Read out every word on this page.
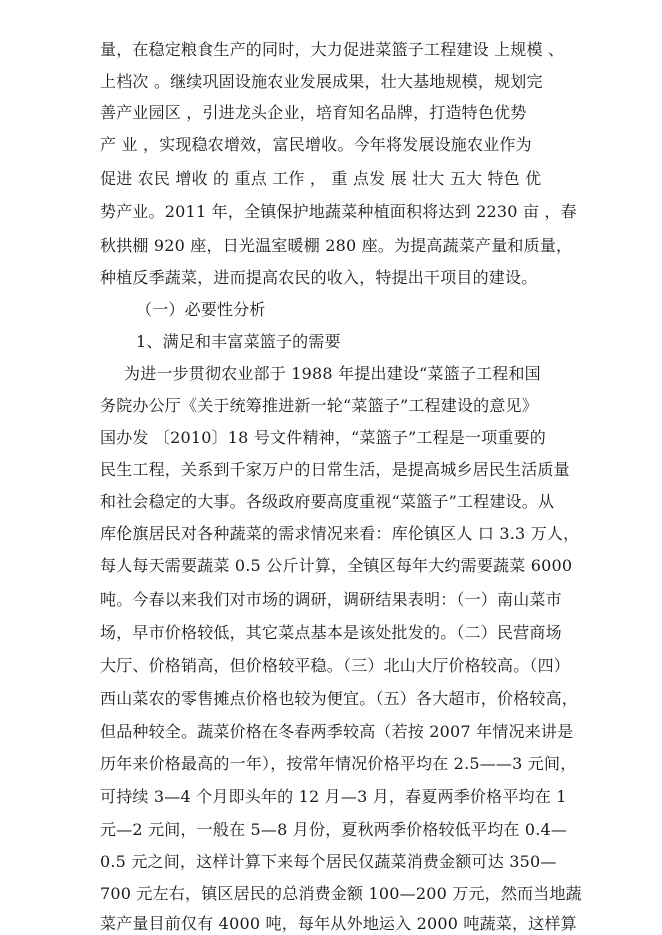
量，在稳定粮食生产的同时，大力促进菜篮子工程建设 上规模 、
上档次 。继续巩固设施农业发展成果，壮大基地规模，规划完
善产业园区 ，引进龙头企业，培育知名品牌，打造特色优势
产 业 ，实现稳农增效，富民增收。今年将发展设施农业作为
促进 农民 增收 的 重点 工作 ， 重 点发 展 壮大 五大 特色 优
势产业。2011 年，全镇保护地蔬菜种植面积将达到 2230 亩 ，春
秋拱棚 920 座，日光温室暖棚 280 座。为提高蔬菜产量和质量，
种植反季蔬菜，进而提高农民的收入，特提出干项目的建设。
（一）必要性分析
1、满足和丰富菜篮子的需要
为进一步贯彻农业部于 1988 年提出建设“菜篮子工程和国
务院办公厅《关于统筹推进新一轮“菜篮子”工程建设的意见》
国办发 〔2010〕18 号文件精神，“菜篮子”工程是一项重要的
民生工程，关系到千家万户的日常生活，是提高城乡居民生活质量
和社会稳定的大事。各级政府要高度重视“菜篮子”工程建设。从
库伦旗居民对各种蔬菜的需求情况来看：库伦镇区人 口 3.3 万人，
每人每天需要蔬菜 0.5 公斤计算，全镇区每年大约需要蔬菜 6000
吨。今春以来我们对市场的调研，调研结果表明：（一）南山菜市
场，早市价格较低，其它菜点基本是该处批发的。（二）民营商场
大厅、价格销高，但价格较平稳。（三）北山大厅价格较高。（四）
西山菜农的零售摊点价格也较为便宜。（五）各大超市，价格较高，
但品种较全。蔬菜价格在冬春两季较高（若按 2007 年情况来讲是
历年来价格最高的一年），按常年情况价格平均在 2.5——3 元间，
可持续 3—4 个月即头年的 12 月—3 月，春夏两季价格平均在 1
元—2 元间，一般在 5—8 月份，夏秋两季价格较低平均在 0.4—
0.5 元之间，这样计算下来每个居民仅蔬菜消费金额可达 350—
700 元左右，镇区居民的总消费金额 100—200 万元，然而当地蔬
菜产量目前仅有 4000 吨，每年从外地运入 2000 吨蔬菜，这样算
